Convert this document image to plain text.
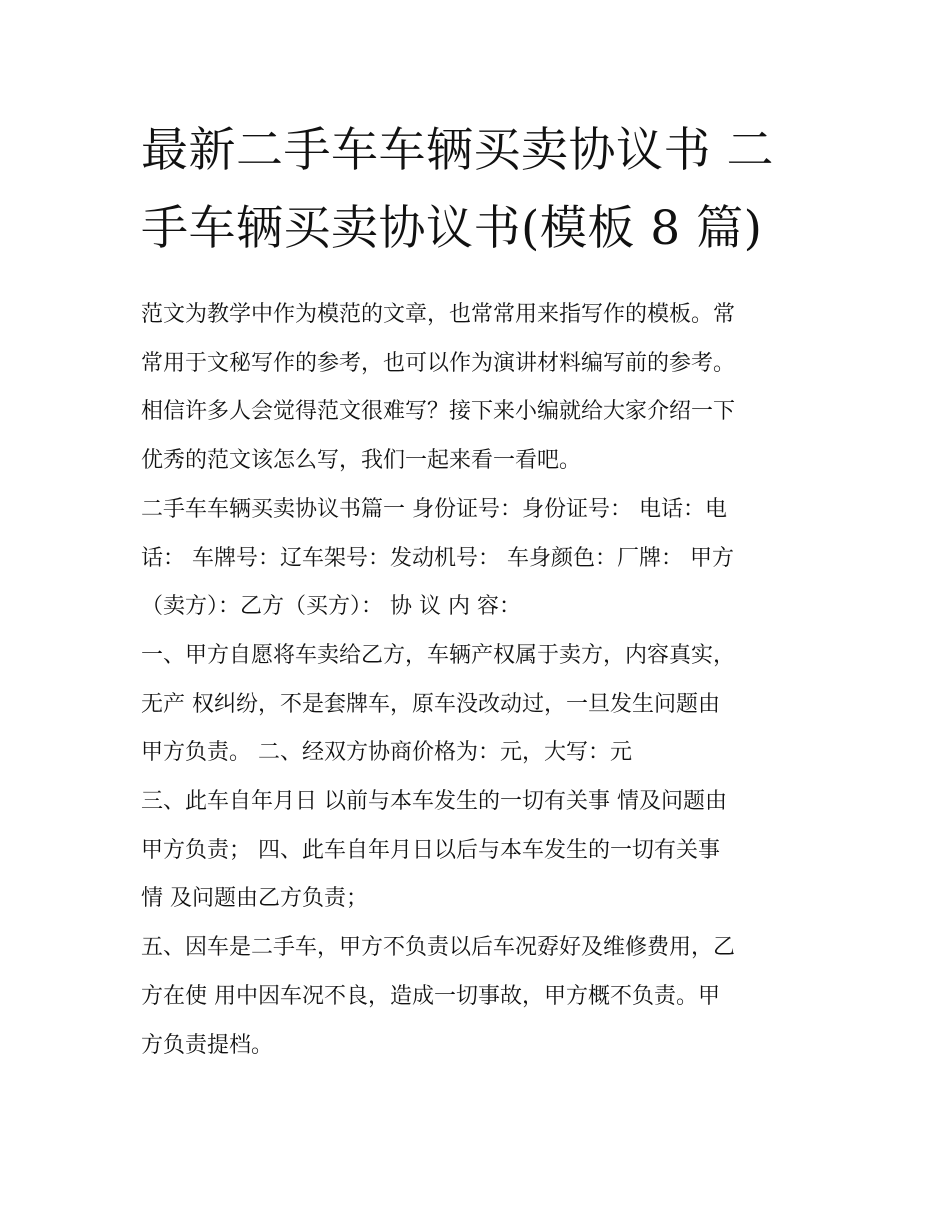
最新二手车车辆买卖协议书 二
手车辆买卖协议书(模板 8 篇)

范文为教学中作为模范的文章，也常常用来指写作的模板。常
常用于文秘写作的参考，也可以作为演讲材料编写前的参考。
相信许多人会觉得范文很难写？接下来小编就给大家介绍一下
优秀的范文该怎么写，我们一起来看一看吧。

二手车车辆买卖协议书篇一 身份证号：身份证号： 电话：电
话： 车牌号：辽车架号：发动机号： 车身颜色：厂牌： 甲方
（卖方）：乙方（买方）： 协 议 内 容：

一、甲方自愿将车卖给乙方，车辆产权属于卖方，内容真实，
无产 权纠纷，不是套牌车，原车没改动过，一旦发生问题由
甲方负责。 二、经双方协商价格为：元，大写：元

三、此车自年月日 以前与本车发生的一切有关事 情及问题由
甲方负责； 四、此车自年月日以后与本车发生的一切有关事
情 及问题由乙方负责；

五、因车是二手车，甲方不负责以后车况孬好及维修费用，乙
方在使 用中因车况不良，造成一切事故，甲方概不负责。甲
方负责提档。
